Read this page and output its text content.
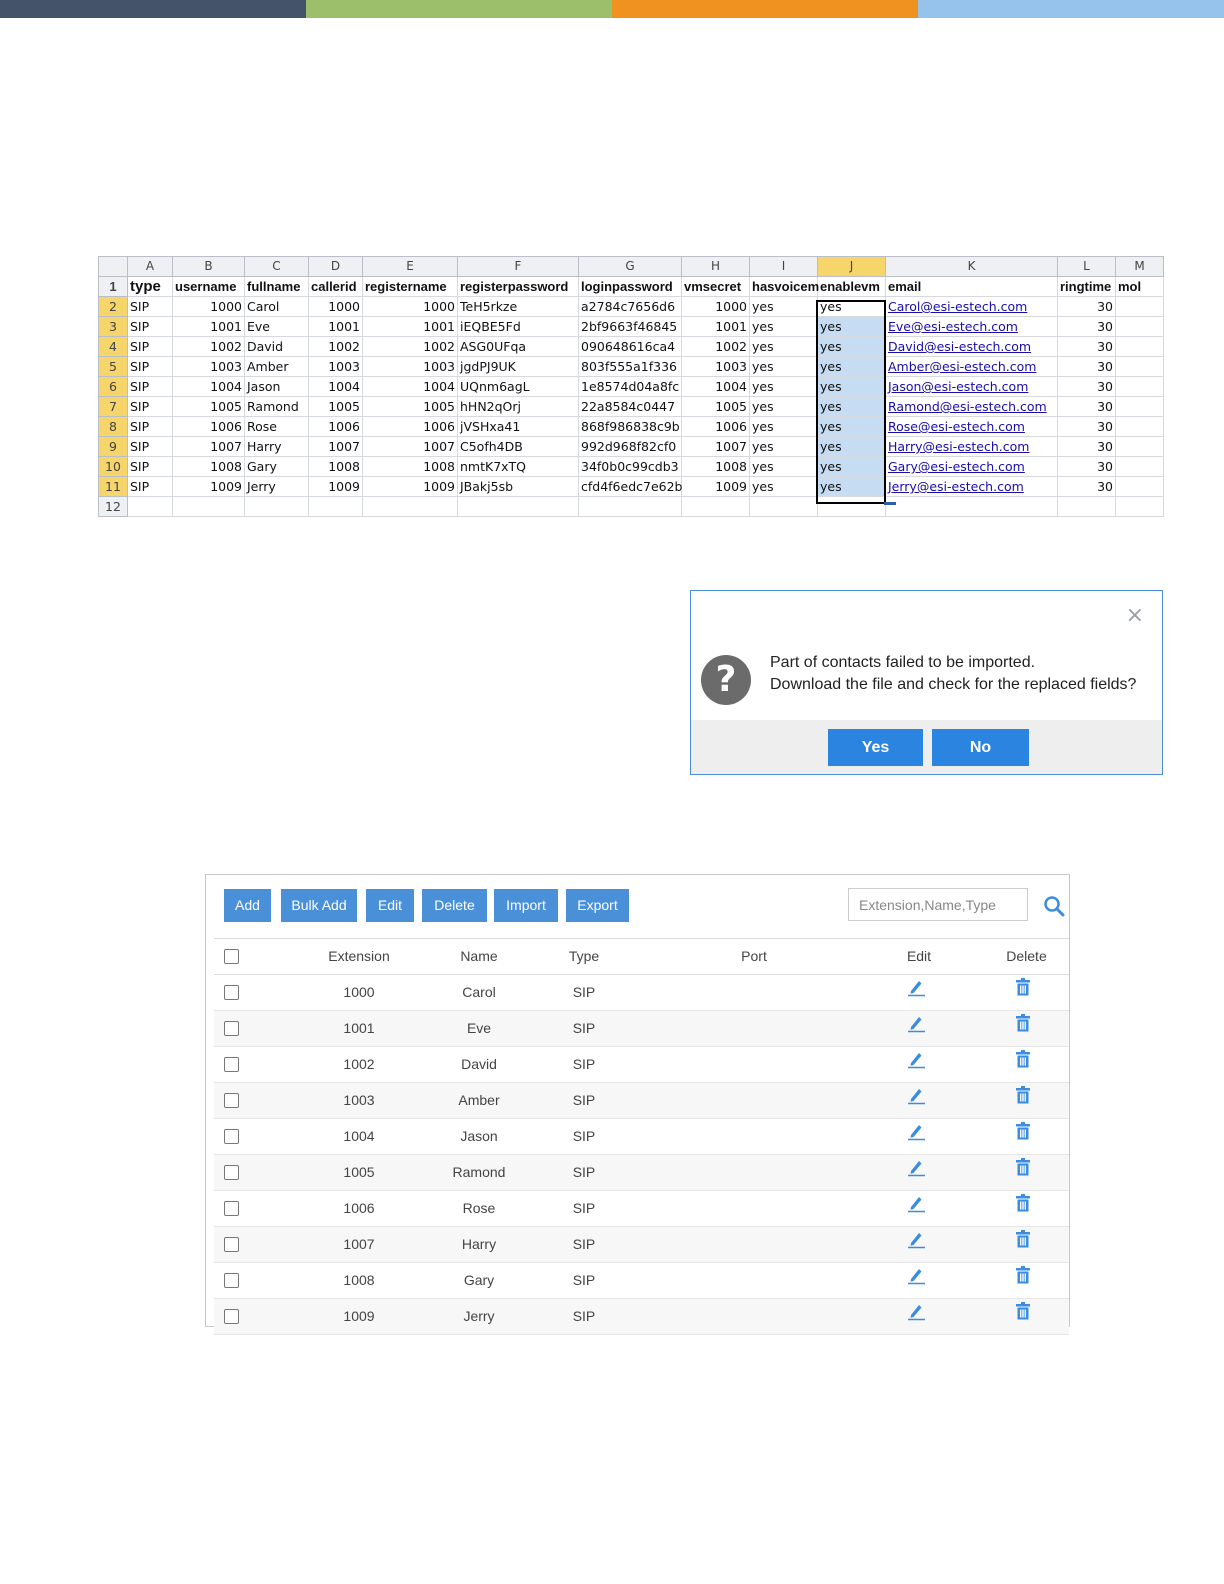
	A	B	C	D	E	F	G	H	I	J	K	L	M
1	type	username	fullname	callerid	registername	registerpassword	loginpassword	vmsecret	hasvoicem	enablevm	email	ringtime	mol
2	SIP	1000	Carol	1000	1000	TeH5rkze	a2784c7656d6	1000	yes	yes	Carol@esi-estech.com	30	
3	SIP	1001	Eve	1001	1001	iEQBE5Fd	2bf9663f46845	1001	yes	yes	Eve@esi-estech.com	30	
4	SIP	1002	David	1002	1002	ASG0UFqa	090648616ca4	1002	yes	yes	David@esi-estech.com	30	
5	SIP	1003	Amber	1003	1003	jgdPJ9UK	803f555a1f336	1003	yes	yes	Amber@esi-estech.com	30	
6	SIP	1004	Jason	1004	1004	UQnm6agL	1e8574d04a8fc	1004	yes	yes	Jason@esi-estech.com	30	
7	SIP	1005	Ramond	1005	1005	hHN2qOrj	22a8584c0447	1005	yes	yes	Ramond@esi-estech.com	30	
8	SIP	1006	Rose	1006	1006	jVSHxa41	868f986838c9b	1006	yes	yes	Rose@esi-estech.com	30	
9	SIP	1007	Harry	1007	1007	C5ofh4DB	992d968f82cf0	1007	yes	yes	Harry@esi-estech.com	30	
10	SIP	1008	Gary	1008	1008	nmtK7xTQ	34f0b0c99cdb3	1008	yes	yes	Gary@esi-estech.com	30	
11	SIP	1009	Jerry	1009	1009	JBakj5sb	cfd4f6edc7e62b	1009	yes	yes	Jerry@esi-estech.com	30	
12													
×
?	Part of contacts failed to be imported.
Download the file and check for the replaced fields?
Yes	No
Add	Bulk Add	Edit	Delete	Import	Export	Extension,Name,Type
Extension	Name	Type	Port	Edit	Delete
1000	Carol	SIP
1001	Eve	SIP
1002	David	SIP
1003	Amber	SIP
1004	Jason	SIP
1005	Ramond	SIP
1006	Rose	SIP
1007	Harry	SIP
1008	Gary	SIP
1009	Jerry	SIP
